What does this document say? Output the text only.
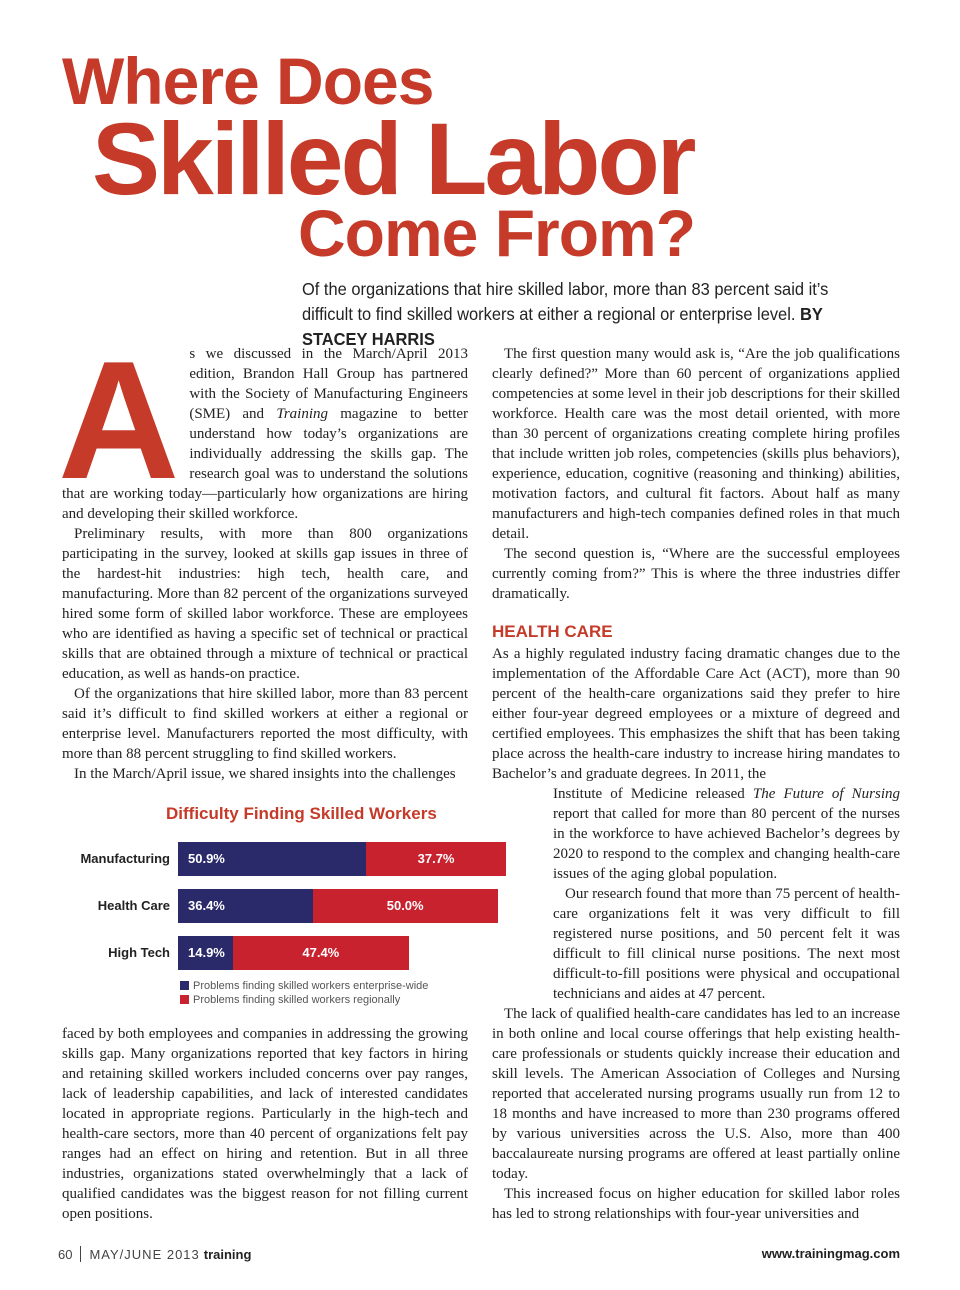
Where Does
Skilled Labor
Come From?
Of the organizations that hire skilled labor, more than 83 percent said it’s difficult to find skilled workers at either a regional or enterprise level. BY STACEY HARRIS
A s we discussed in the March/April 2013 edition, Brandon Hall Group has partnered with the Society of Manufacturing Engineers (SME) and Training magazine to better understand how today’s organizations are individually addressing the skills gap. The research goal was to understand the solutions that are working today—particularly how organizations are hiring and developing their skilled workforce.

Preliminary results, with more than 800 organizations participating in the survey, looked at skills gap issues in three of the hardest-hit industries: high tech, health care, and manufacturing. More than 82 percent of the organizations surveyed hired some form of skilled labor workforce. These are employees who are identified as having a specific set of technical or practical skills that are obtained through a mixture of technical or practical education, as well as hands-on practice.

Of the organizations that hire skilled labor, more than 83 percent said it’s difficult to find skilled workers at either a regional or enterprise level. Manufacturers reported the most difficulty, with more than 88 percent struggling to find skilled workers.

In the March/April issue, we shared insights into the challenges

Difficulty Finding Skilled Workers
Manufacturing	50.9%	37.7%
Health Care	36.4%	50.0%
High Tech	14.9%	47.4%
Problems finding skilled workers enterprise-wide
Problems finding skilled workers regionally

faced by both employees and companies in addressing the growing skills gap. Many organizations reported that key factors in hiring and retaining skilled workers included concerns over pay ranges, lack of leadership capabilities, and lack of interested candidates located in appropriate regions. Particularly in the high-tech and health-care sectors, more than 40 percent of organizations felt pay ranges had an effect on hiring and retention. But in all three industries, organizations stated overwhelmingly that a lack of qualified candidates was the biggest reason for not filling current open positions.

The first question many would ask is, “Are the job qualifications clearly defined?” More than 60 percent of organizations applied competencies at some level in their job descriptions for their skilled workforce. Health care was the most detail oriented, with more than 30 percent of organizations creating complete hiring profiles that include written job roles, competencies (skills plus behaviors), experience, education, cognitive (reasoning and thinking) abilities, motivation factors, and cultural fit factors. About half as many manufacturers and high-tech companies defined roles in that much detail.

The second question is, “Where are the successful employees currently coming from?” This is where the three industries differ dramatically.

HEALTH CARE

As a highly regulated industry facing dramatic changes due to the implementation of the Affordable Care Act (ACT), more than 90 percent of the health-care organizations said they prefer to hire either four-year degreed employees or a mixture of degreed and certified employees. This emphasizes the shift that has been taking place across the health-care industry to increase hiring mandates to Bachelor’s and graduate degrees. In 2011, the

Institute of Medicine released The Future of Nursing report that called for more than 80 percent of the nurses in the workforce to have achieved Bachelor’s degrees by 2020 to respond to the complex and changing health-care issues of the aging global population.

Our research found that more than 75 percent of health-care organizations felt it was very difficult to fill registered nurse positions, and 50 percent felt it was difficult to fill clinical nurse positions. The next most difficult-to-fill positions were physical and occupational technicians and aides at 47 percent.

The lack of qualified health-care candidates has led to an increase in both online and local course offerings that help existing health-care professionals or students quickly increase their education and skill levels. The American Association of Colleges and Nursing reported that accelerated nursing programs usually run from 12 to 18 months and have increased to more than 230 programs offered by various universities across the U.S. Also, more than 400 baccalaureate nursing programs are offered at least partially online today.

This increased focus on higher education for skilled labor roles has led to strong relationships with four-year universities and

60 MAY/JUNE 2013 training	www.trainingmag.com
